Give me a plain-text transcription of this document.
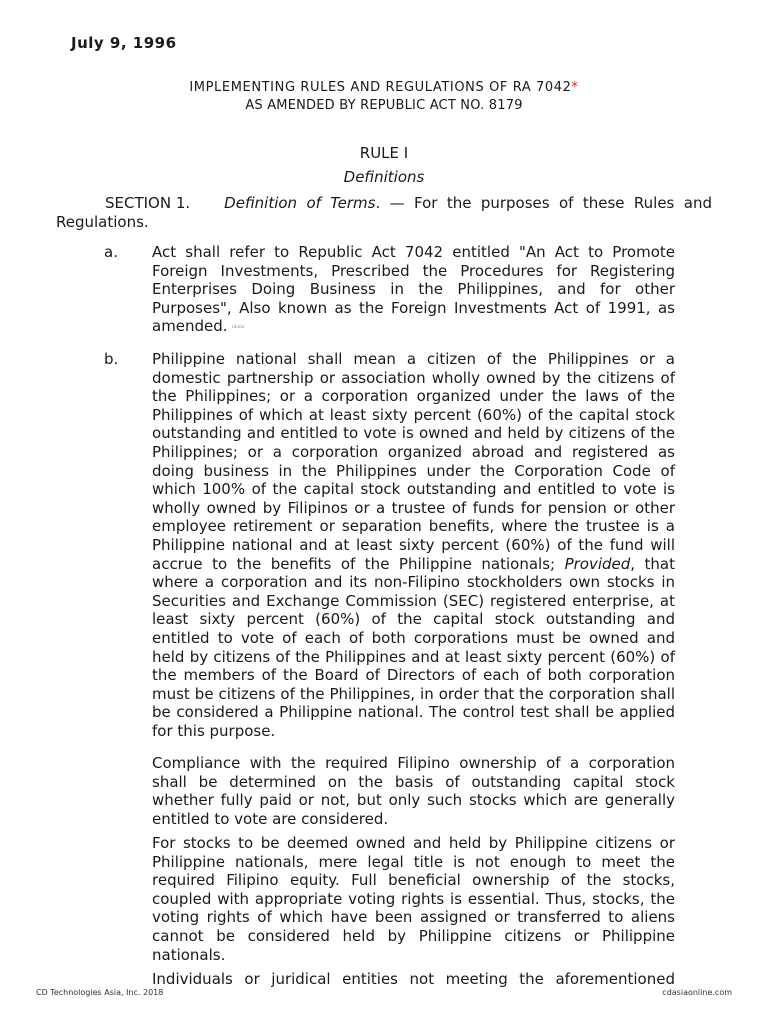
July 9, 1996
IMPLEMENTING RULES AND REGULATIONS OF RA 7042*
AS AMENDED BY REPUBLIC ACT NO. 8179
RULE I
Definitions

SECTION 1. Definition of Terms. — For the purposes of these Rules and Regulations.

a. Act shall refer to Republic Act 7042 entitled "An Act to Promote Foreign Investments, Prescribed the Procedures for Registering Enterprises Doing Business in the Philippines, and for other Purposes", Also known as the Foreign Investments Act of 1991, as amended. cdasia
b. Philippine national shall mean a citizen of the Philippines or a domestic partnership or association wholly owned by the citizens of the Philippines; or a corporation organized under the laws of the Philippines of which at least sixty percent (60%) of the capital stock outstanding and entitled to vote is owned and held by citizens of the Philippines; or a corporation organized abroad and registered as doing business in the Philippines under the Corporation Code of which 100% of the capital stock outstanding and entitled to vote is wholly owned by Filipinos or a trustee of funds for pension or other employee retirement or separation benefits, where the trustee is a Philippine national and at least sixty percent (60%) of the fund will accrue to the benefits of the Philippine nationals; Provided, that where a corporation and its non-Filipino stockholders own stocks in Securities and Exchange Commission (SEC) registered enterprise, at least sixty percent (60%) of the capital stock outstanding and entitled to vote of each of both corporations must be owned and held by citizens of the Philippines and at least sixty percent (60%) of the members of the Board of Directors of each of both corporation must be citizens of the Philippines, in order that the corporation shall be considered a Philippine national. The control test shall be applied for this purpose.

Compliance with the required Filipino ownership of a corporation shall be determined on the basis of outstanding capital stock whether fully paid or not, but only such stocks which are generally entitled to vote are considered.

For stocks to be deemed owned and held by Philippine citizens or Philippine nationals, mere legal title is not enough to meet the required Filipino equity. Full beneficial ownership of the stocks, coupled with appropriate voting rights is essential. Thus, stocks, the voting rights of which have been assigned or transferred to aliens cannot be considered held by Philippine citizens or Philippine nationals.

Individuals or juridical entities not meeting the aforementioned

CD Technologies Asia, Inc. 2018	cdasiaonline.com
